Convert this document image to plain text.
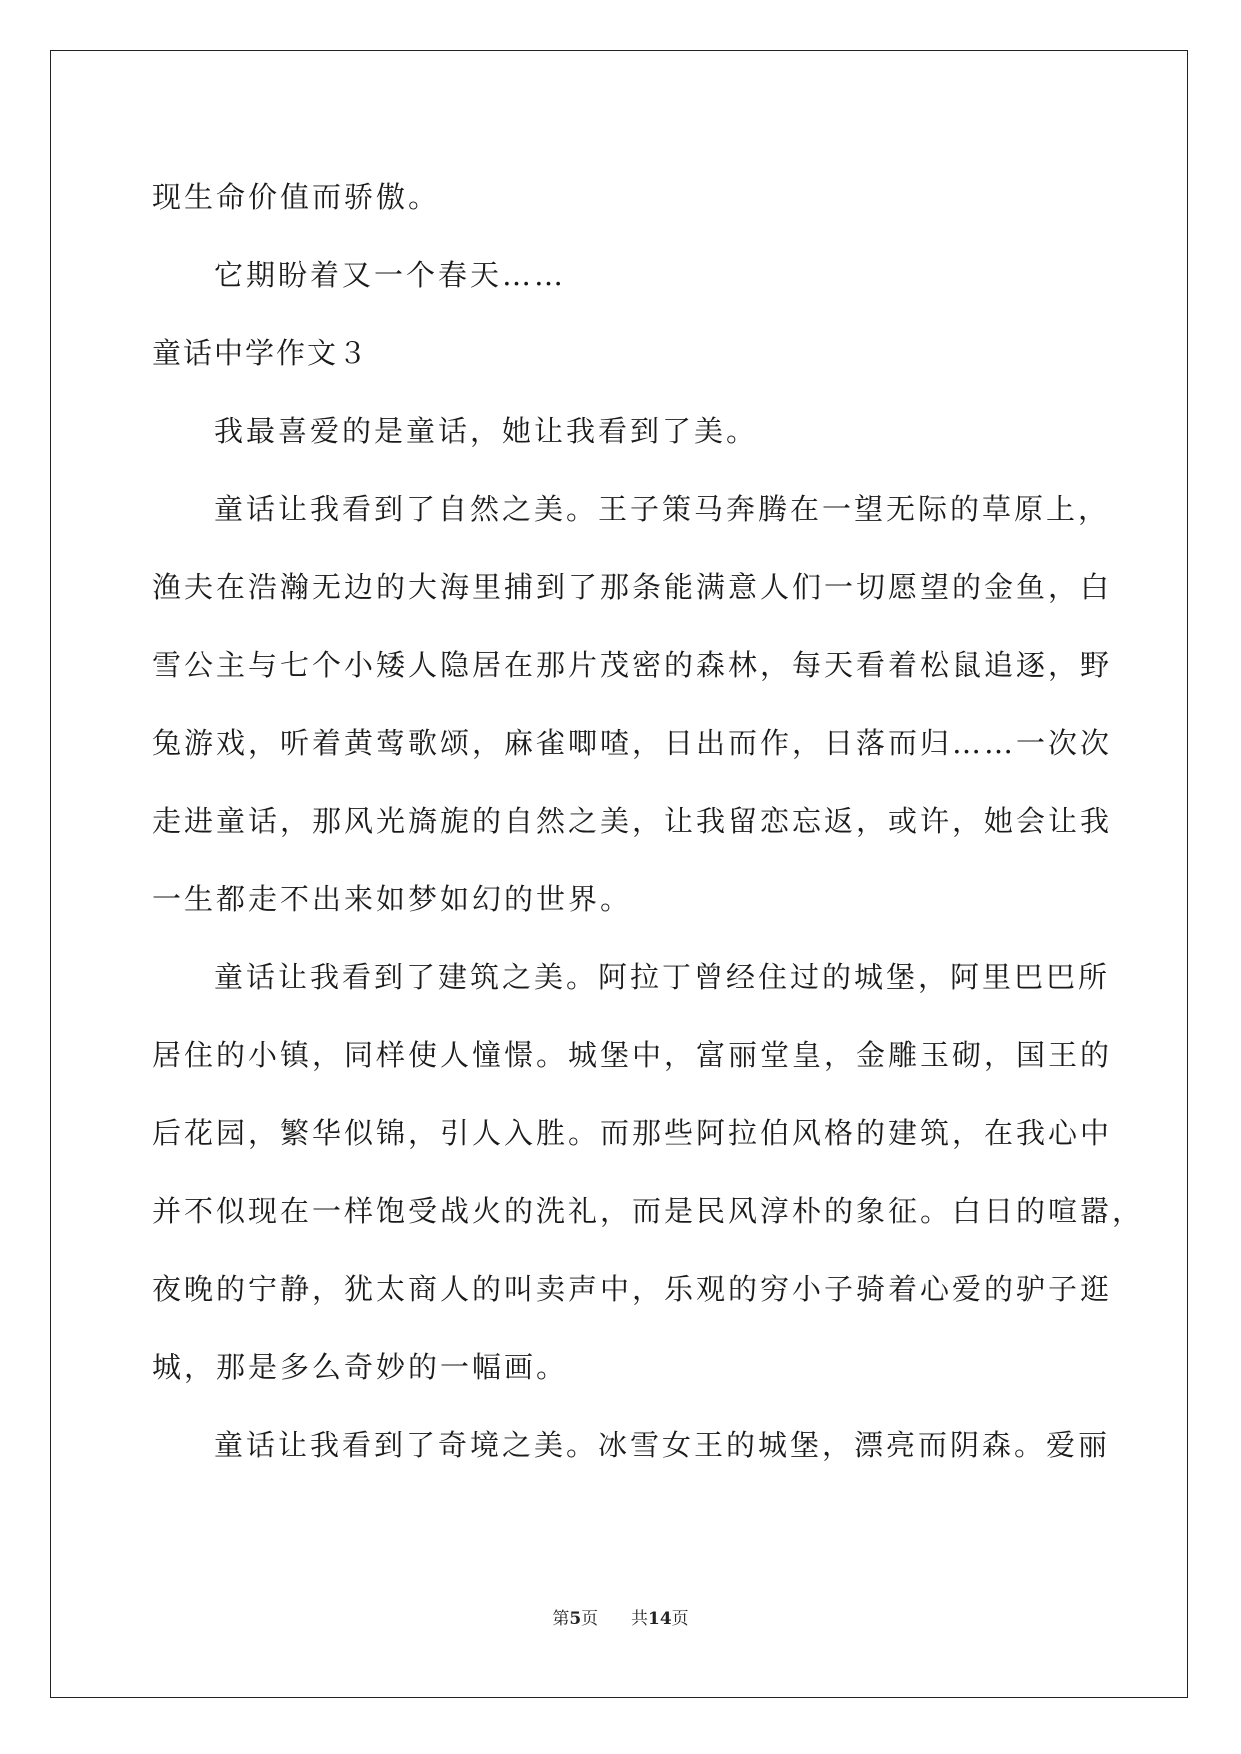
现生命价值而骄傲。
它期盼着又一个春天……
童话中学作文３
我最喜爱的是童话，她让我看到了美。
童话让我看到了自然之美。王子策马奔腾在一望无际的草原上，
渔夫在浩瀚无边的大海里捕到了那条能满意人们一切愿望的金鱼，白
雪公主与七个小矮人隐居在那片茂密的森林，每天看着松鼠追逐，野
兔游戏，听着黄莺歌颂，麻雀唧喳，日出而作，日落而归……一次次
走进童话，那风光旖旎的自然之美，让我留恋忘返，或许，她会让我
一生都走不出来如梦如幻的世界。
童话让我看到了建筑之美。阿拉丁曾经住过的城堡，阿里巴巴所
居住的小镇，同样使人憧憬。城堡中，富丽堂皇，金雕玉砌，国王的
后花园，繁华似锦，引人入胜。而那些阿拉伯风格的建筑，在我心中
并不似现在一样饱受战火的洗礼，而是民风淳朴的象征。白日的喧嚣，
夜晚的宁静，犹太商人的叫卖声中，乐观的穷小子骑着心爱的驴子逛
城，那是多么奇妙的一幅画。
童话让我看到了奇境之美。冰雪女王的城堡，漂亮而阴森。爱丽
第5页 共14页
